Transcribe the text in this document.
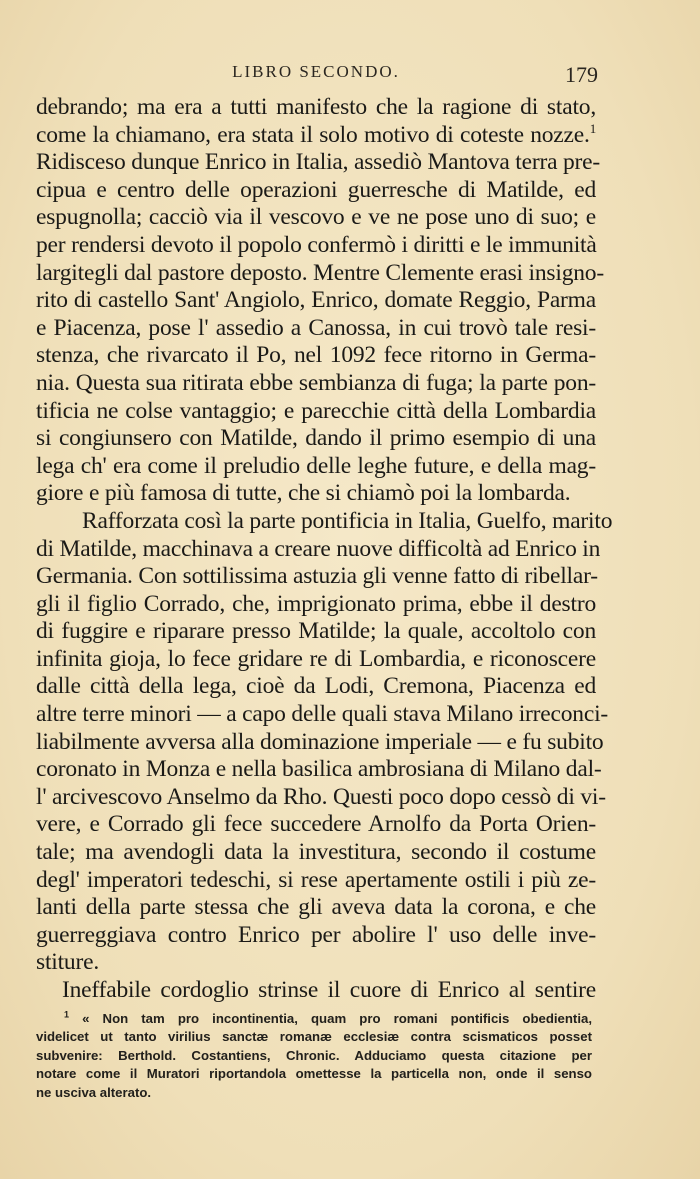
LIBRO SECONDO.	179
debrando; ma era a tutti manifesto che la ragione di stato,
come la chiamano, era stata il solo motivo di coteste nozze.$^1$
Ridisceso dunque Enrico in Italia, assediò Mantova terra pre-
cipua e centro delle operazioni guerresche di Matilde, ed
espugnolla; cacciò via il vescovo e ve ne pose uno di suo; e
per rendersi devoto il popolo confermò i diritti e le immunità
largitegli dal pastore deposto. Mentre Clemente erasi insigno-
rito di castello Sant' Angiolo, Enrico, domate Reggio, Parma
e Piacenza, pose l' assedio a Canossa, in cui trovò tale resi-
stenza, che rivarcato il Po, nel 1092 fece ritorno in Germa-
nia. Questa sua ritirata ebbe sembianza di fuga; la parte pon-
tificia ne colse vantaggio; e parecchie città della Lombardia
si congiunsero con Matilde, dando il primo esempio di una
lega ch' era come il preludio delle leghe future, e della mag-
giore e più famosa di tutte, che si chiamò poi la lombarda.
Rafforzata così la parte pontificia in Italia, Guelfo, marito
di Matilde, macchinava a creare nuove difficoltà ad Enrico in
Germania. Con sottilissima astuzia gli venne fatto di ribellar-
gli il figlio Corrado, che, imprigionato prima, ebbe il destro
di fuggire e riparare presso Matilde; la quale, accoltolo con
infinita gioja, lo fece gridare re di Lombardia, e riconoscere
dalle città della lega, cioè da Lodi, Cremona, Piacenza ed
altre terre minori — a capo delle quali stava Milano irreconci-
liabilmente avversa alla dominazione imperiale — e fu subito
coronato in Monza e nella basilica ambrosiana di Milano dal-
l' arcivescovo Anselmo da Rho. Questi poco dopo cessò di vi-
vere, e Corrado gli fece succedere Arnolfo da Porta Orien-
tale; ma avendogli data la investitura, secondo il costume
degl' imperatori tedeschi, si rese apertamente ostili i più ze-
lanti della parte stessa che gli aveva data la corona, e che
guerreggiava contro Enrico per abolire l' uso delle inve-
stiture.
Ineffabile cordoglio strinse il cuore di Enrico al sentire
$^1$ « Non tam pro incontinentia, quam pro romani pontificis obedientia,
videlicet ut tanto virilius sanctæ romanæ ecclesiæ contra scismaticos posset
subvenire: Berthold. Costantiens, Chronic. Adduciamo questa citazione per
notare come il Muratori riportandola omettesse la particella non, onde il senso
ne usciva alterato.
